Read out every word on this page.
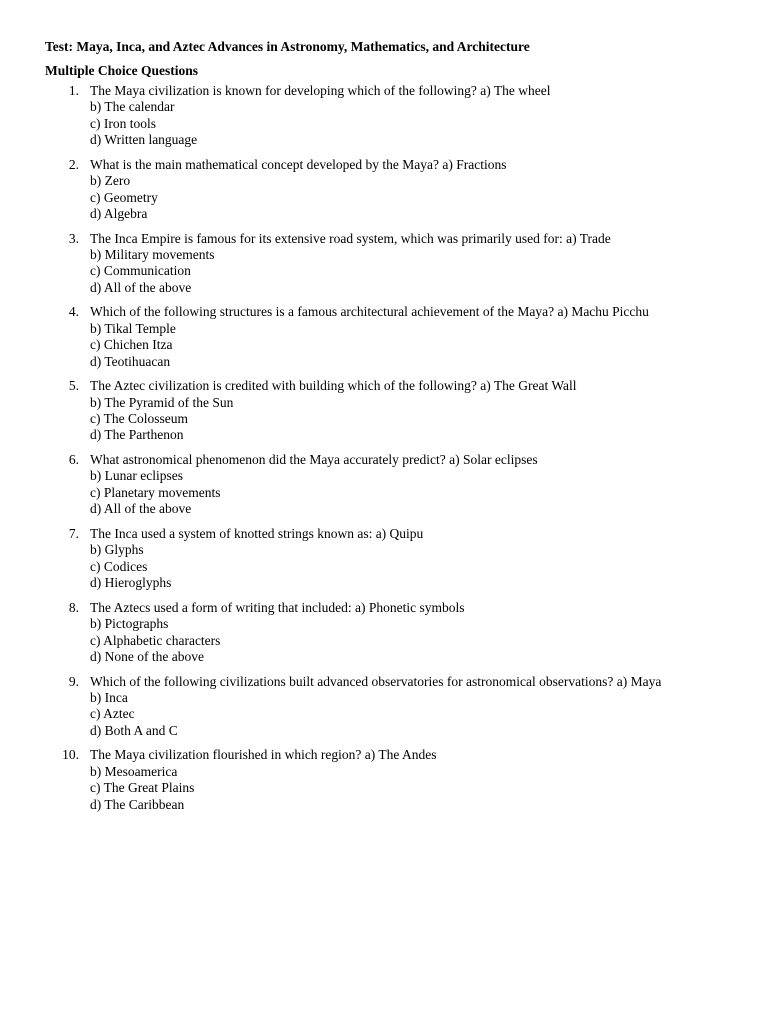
Test: Maya, Inca, and Aztec Advances in Astronomy, Mathematics, and Architecture
Multiple Choice Questions
1. The Maya civilization is known for developing which of the following? a) The wheel
b) The calendar
c) Iron tools
d) Written language
2. What is the main mathematical concept developed by the Maya? a) Fractions
b) Zero
c) Geometry
d) Algebra
3. The Inca Empire is famous for its extensive road system, which was primarily used for: a) Trade
b) Military movements
c) Communication
d) All of the above
4. Which of the following structures is a famous architectural achievement of the Maya? a) Machu Picchu
b) Tikal Temple
c) Chichen Itza
d) Teotihuacan
5. The Aztec civilization is credited with building which of the following? a) The Great Wall
b) The Pyramid of the Sun
c) The Colosseum
d) The Parthenon
6. What astronomical phenomenon did the Maya accurately predict? a) Solar eclipses
b) Lunar eclipses
c) Planetary movements
d) All of the above
7. The Inca used a system of knotted strings known as: a) Quipu
b) Glyphs
c) Codices
d) Hieroglyphs
8. The Aztecs used a form of writing that included: a) Phonetic symbols
b) Pictographs
c) Alphabetic characters
d) None of the above
9. Which of the following civilizations built advanced observatories for astronomical observations? a) Maya
b) Inca
c) Aztec
d) Both A and C
10. The Maya civilization flourished in which region? a) The Andes
b) Mesoamerica
c) The Great Plains
d) The Caribbean
